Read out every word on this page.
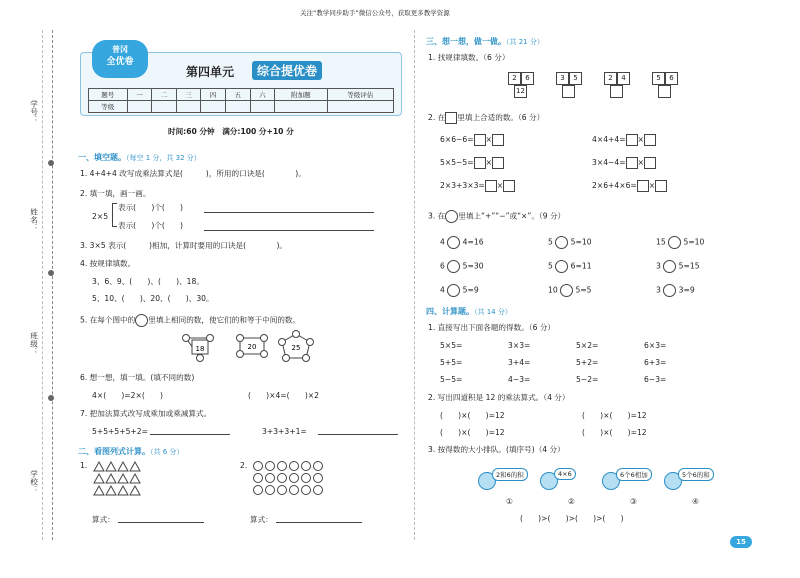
关注“教学同步助手”微信公众号，获取更多教学资源
学号：
姓名：
班级：
学校：
普冈
全优卷
第四单元	综合提优卷
题号	一	二	三	四	五	六	附加题	等级评估
等级								
时间:60 分钟　满分:100 分+10 分
一、填空题。（每空 1 分，共 32 分）
1. 4+4+4 改写成乘法算式是(　　　)，所用的口诀是(　　　　)。
2. 填一填，画一画。
2×5
表示(　　)个(　　)
表示(　　)个(　　)
3. 3×5 表示(　　　)相加，计算时要用的口诀是(　　　　)。
4. 按规律填数。
3、6、9、(　　)、(　　)、18。
5、10、(　　)、20、(　　)、30。
5. 在每个图中的 里填上相同的数，使它们的和等于中间的数。
18	20	25
6. 想一想，填一填。(填不同的数)
4×(　　)=2×(　　)	(　　)×4=(　　)×2
7. 把加法算式改写成乘加或乘减算式。
5+5+5+5+2=	3+3+3+1=
二、看图列式计算。（共 6 分）
1.	2.
算式：	算式：
三、想一想，做一做。（共 21 分）
1. 找规律填数。（6 分）
2	6
12
3	5	2	4	5	6
2. 在 里填上合适的数。（6 分）
6×6−6= ×	4×4+4= ×
5×5−5= ×	3×4−4= ×
2×3+3×3= ×	2×6+4×6= ×
3. 在 里填上“+”“−”或“×”。（9 分）
4  4=16	5  5=10	15  5=10
6  5=30	5  6=11	3  5=15
4  5=9	10  5=5	3  3=9
四、计算题。（共 14 分）
1. 直接写出下面各题的得数。（6 分）
5×5=	3×3=	5×2=	6×3=
5+5=	3+4=	5+2=	6+3=
5−5=	4−3=	5−2=	6−3=
2. 写出四道积是 12 的乘法算式。（4 分）
(　　)×(　　)=12	(　　)×(　　)=12
(　　)×(　　)=12	(　　)×(　　)=12
3. 按得数的大小排队。(填序号)（4 分）
2和6的积
①
4×6
②
6个6相加
③
5个6的和
④
(　　)>(　　)>(　　)>(　　)
15
